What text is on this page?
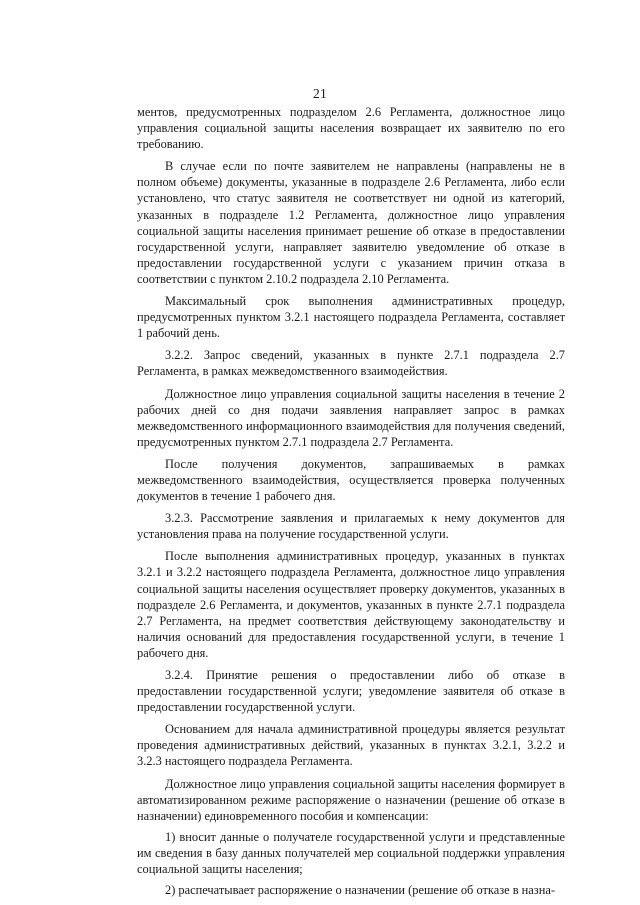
21

ментов, предусмотренных подразделом 2.6 Регламента, должностное лицо управления социальной защиты населения возвращает их заявителю по его требованию.

В случае если по почте заявителем не направлены (направлены не в полном объеме) документы, указанные в подразделе 2.6 Регламента, либо если установлено, что статус заявителя не соответствует ни одной из категорий, указанных в подразделе 1.2 Регламента, должностное лицо управления социальной защиты населения принимает решение об отказе в предоставлении государственной услуги, направляет заявителю уведомление об отказе в предоставлении государственной услуги с указанием причин отказа в соответствии с пунктом 2.10.2 подраздела 2.10 Регламента.

Максимальный срок выполнения административных процедур, предусмотренных пунктом 3.2.1 настоящего подраздела Регламента, составляет 1 рабочий день.

3.2.2. Запрос сведений, указанных в пункте 2.7.1 подраздела 2.7 Регламента, в рамках межведомственного взаимодействия.

Должностное лицо управления социальной защиты населения в течение 2 рабочих дней со дня подачи заявления направляет запрос в рамках межведомственного информационного взаимодействия для получения сведений, предусмотренных пунктом 2.7.1 подраздела 2.7 Регламента.

После получения документов, запрашиваемых в рамках межведомственного взаимодействия, осуществляется проверка полученных документов в течение 1 рабочего дня.

3.2.3. Рассмотрение заявления и прилагаемых к нему документов для установления права на получение государственной услуги.

После выполнения административных процедур, указанных в пунктах 3.2.1 и 3.2.2 настоящего подраздела Регламента, должностное лицо управления социальной защиты населения осуществляет проверку документов, указанных в подразделе 2.6 Регламента, и документов, указанных в пункте 2.7.1 подраздела 2.7 Регламента, на предмет соответствия действующему законодательству и наличия оснований для предоставления государственной услуги, в течение 1 рабочего дня.

3.2.4. Принятие решения о предоставлении либо об отказе в предоставлении государственной услуги; уведомление заявителя об отказе в предоставлении государственной услуги.

Основанием для начала административной процедуры является результат проведения административных действий, указанных в пунктах 3.2.1, 3.2.2 и 3.2.3 настоящего подраздела Регламента.

Должностное лицо управления социальной защиты населения формирует в автоматизированном режиме распоряжение о назначении (решение об отказе в назначении) единовременного пособия и компенсации:

1) вносит данные о получателе государственной услуги и представленные им сведения в базу данных получателей мер социальной поддержки управления социальной защиты населения;

2) распечатывает распоряжение о назначении (решение об отказе в назна-
